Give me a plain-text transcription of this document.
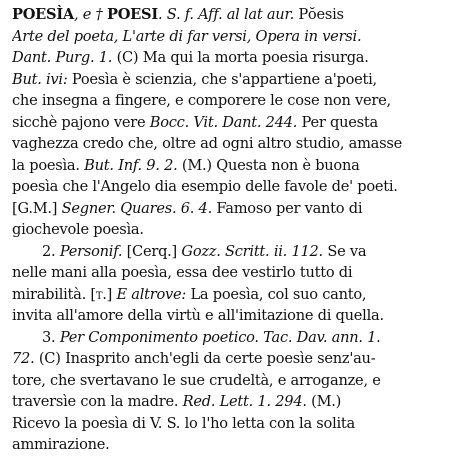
POESÌA, e † POESI. S. f. Aff. al lat aur. Pŏesis
Arte del poeta, L'arte di far versi, Opera in versi.
Dant. Purg. 1. (C) Ma qui la morta poesia risurga.
But. ivi: Poesìa è scienzia, che s'appartiene a'poeti,
che insegna a fingere, e comporere le cose non vere,
sicchè pajono vere Bocc. Vit. Dant. 244. Per questa
vaghezza credo che, oltre ad ogni altro studio, amasse
la poesìa. But. Inf. 9. 2. (M.) Questa non è buona
poesìa che l'Angelo dia esempio delle favole de' poeti.
[G.M.] Segner. Quares. 6. 4. Famoso per vanto di
giochevole poesìa.
2. Personif. [Cerq.] Gozz. Scritt. ii. 112. Se va
nelle mani alla poesìa, essa dee vestirlo tutto di
mirabilità. [t.] E altrove: La poesìa, col suo canto,
invita all'amore della virtù e all'imitazione di quella.
3. Per Componimento poetico. Tac. Dav. ann. 1.
72. (C) Inasprito anch'egli da certe poesìe senz'au-
tore, che svertavano le sue crudeltà, e arroganze, e
traversìe con la madre. Red. Lett. 1. 294. (M.)
Ricevo la poesìa di V. S. lo l'ho letta con la solita
ammirazione.
